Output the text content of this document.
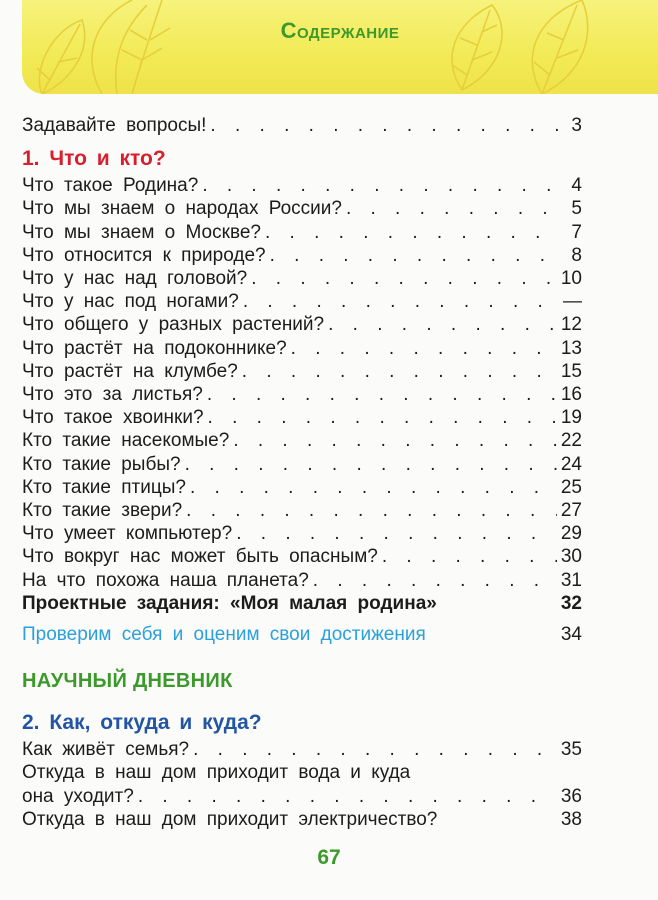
Содержание
Задавайте вопросы! . . .	3
1. Что и кто?
Что такое Родина? . . .	4
Что мы знаем о народах России? . . .	5
Что мы знаем о Москве? . . .	7
Что относится к природе? . . .	8
Что у нас над головой? . . .	10
Что у нас под ногами? . . .	—
Что общего у разных растений? . . .	12
Что растёт на подоконнике? . . .	13
Что растёт на клумбе? . . .	15
Что это за листья? . . .	16
Что такое хвоинки? . . .	19
Кто такие насекомые? . . .	22
Кто такие рыбы? . . .	24
Кто такие птицы? . . .	25
Кто такие звери? . . .	27
Что умеет компьютер? . . .	29
Что вокруг нас может быть опасным? . . .	30
На что похожа наша планета? . . .	31
Проектные задания: «Моя малая родина»	32
Проверим себя и оценим свои достижения	34
НАУЧНЫЙ ДНЕВНИК
2. Как, откуда и куда?
Как живёт семья? . . .	35
Откуда в наш дом приходит вода и куда
она уходит? . . .	36
Откуда в наш дом приходит электричество?	38
67
